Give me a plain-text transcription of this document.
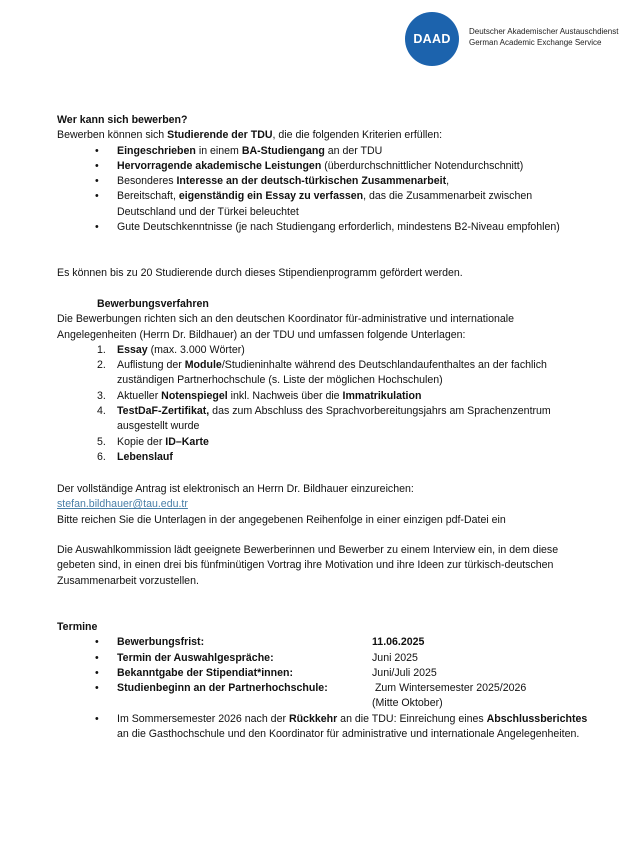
DAAD
Deutscher Akademischer Austauschdienst
German Academic Exchange Service
Wer kann sich bewerben?
Bewerben können sich Studierende der TDU, die die folgenden Kriterien erfüllen:
• Eingeschrieben in einem BA-Studiengang an der TDU
• Hervorragende akademische Leistungen (überdurchschnittlicher Notendurchschnitt)
• Besonderes Interesse an der deutsch-türkischen Zusammenarbeit,
• Bereitschaft, eigenständig ein Essay zu verfassen, das die Zusammenarbeit zwischen Deutschland und der Türkei beleuchtet
• Gute Deutschkenntnisse (je nach Studiengang erforderlich, mindestens B2-Niveau empfohlen)
Es können bis zu 20 Studierende durch dieses Stipendienprogramm gefördert werden.
Bewerbungsverfahren
Die Bewerbungen richten sich an den deutschen Koordinator für-administrative und internationale Angelegenheiten (Herrn Dr. Bildhauer) an der TDU und umfassen folgende Unterlagen:
1. Essay (max. 3.000 Wörter)
2. Auflistung der Module/Studieninhalte während des Deutschlandaufenthaltes an der fachlich zuständigen Partnerhochschule (s. Liste der möglichen Hochschulen)
3. Aktueller Notenspiegel inkl. Nachweis über die Immatrikulation
4. TestDaF-Zertifikat, das zum Abschluss des Sprachvorbereitungsjahrs am Sprachenzentrum ausgestellt wurde
5. Kopie der ID–Karte
6. Lebenslauf
Der vollständige Antrag ist elektronisch an Herrn Dr. Bildhauer einzureichen:
stefan.bildhauer@tau.edu.tr
Bitte reichen Sie die Unterlagen in der angegebenen Reihenfolge in einer einzigen pdf-Datei ein
Die Auswahlkommission lädt geeignete Bewerberinnen und Bewerber zu einem Interview ein, in dem diese gebeten sind, in einen drei bis fünfminütigen Vortrag ihre Motivation und ihre Ideen zur türkisch-deutschen Zusammenarbeit vorzustellen.
Termine
• Bewerbungsfrist:	11.06.2025
• Termin der Auswahlgespräche:	Juni 2025
• Bekanntgabe der Stipendiat*innen:	Juni/Juli 2025
• Studienbeginn an der Partnerhochschule:	Zum Wintersemester 2025/2026
(Mitte Oktober)
• Im Sommersemester 2026 nach der Rückkehr an die TDU: Einreichung eines Abschlussberichtes an die Gasthochschule und den Koordinator für administrative und internationale Angelegenheiten.
